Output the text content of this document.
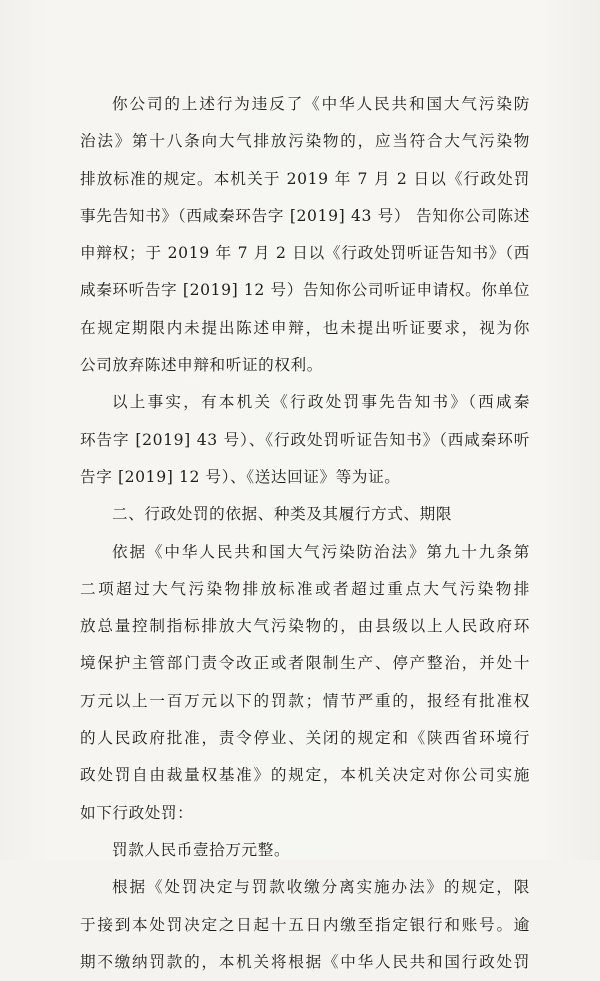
你公司的上述行为违反了《中华人民共和国大气污染防
治法》第十八条向大气排放污染物的，应当符合大气污染物
排放标准的规定。本机关于 2019 年 7 月 2 日以《行政处罚
事先告知书》（西咸秦环告字 [2019] 43 号） 告知你公司陈述
申辩权；于 2019 年 7 月 2 日以《行政处罚听证告知书》（西
咸秦环听告字 [2019] 12 号）告知你公司听证申请权。你单位
在规定期限内未提出陈述申辩，也未提出听证要求，视为你
公司放弃陈述申辩和听证的权利。
以上事实，有本机关《行政处罚事先告知书》（西咸秦
环告字 [2019] 43 号）、《行政处罚听证告知书》（西咸秦环听
告字 [2019] 12 号）、《送达回证》等为证。
二、行政处罚的依据、种类及其履行方式、期限
依据《中华人民共和国大气污染防治法》第九十九条第
二项超过大气污染物排放标准或者超过重点大气污染物排
放总量控制指标排放大气污染物的，由县级以上人民政府环
境保护主管部门责令改正或者限制生产、停产整治，并处十
万元以上一百万元以下的罚款；情节严重的，报经有批准权
的人民政府批准，责令停业、关闭的规定和《陕西省环境行
政处罚自由裁量权基准》的规定，本机关决定对你公司实施
如下行政处罚：
罚款人民币壹拾万元整。
根据《处罚决定与罚款收缴分离实施办法》的规定，限
于接到本处罚决定之日起十五日内缴至指定银行和账号。逾
期不缴纳罚款的，本机关将根据《中华人民共和国行政处罚
